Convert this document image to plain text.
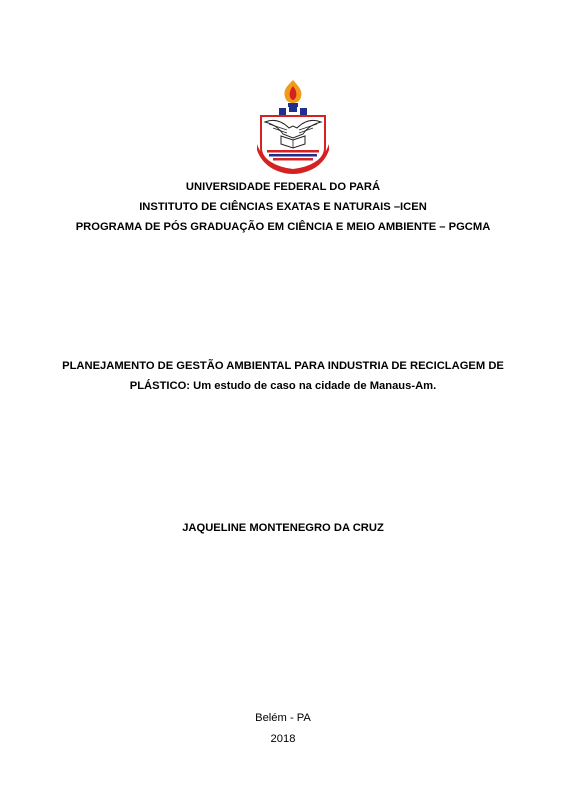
UNIVERSIDADE FEDERAL DO PARÁ
INSTITUTO DE CIÊNCIAS EXATAS E NATURAIS –ICEN
PROGRAMA DE PÓS GRADUAÇÃO EM CIÊNCIA E MEIO AMBIENTE – PGCMA
PLANEJAMENTO DE GESTÃO AMBIENTAL PARA INDUSTRIA DE RECICLAGEM DE
PLÁSTICO: Um estudo de caso na cidade de Manaus-Am.
JAQUELINE MONTENEGRO DA CRUZ
Belém - PA
2018
